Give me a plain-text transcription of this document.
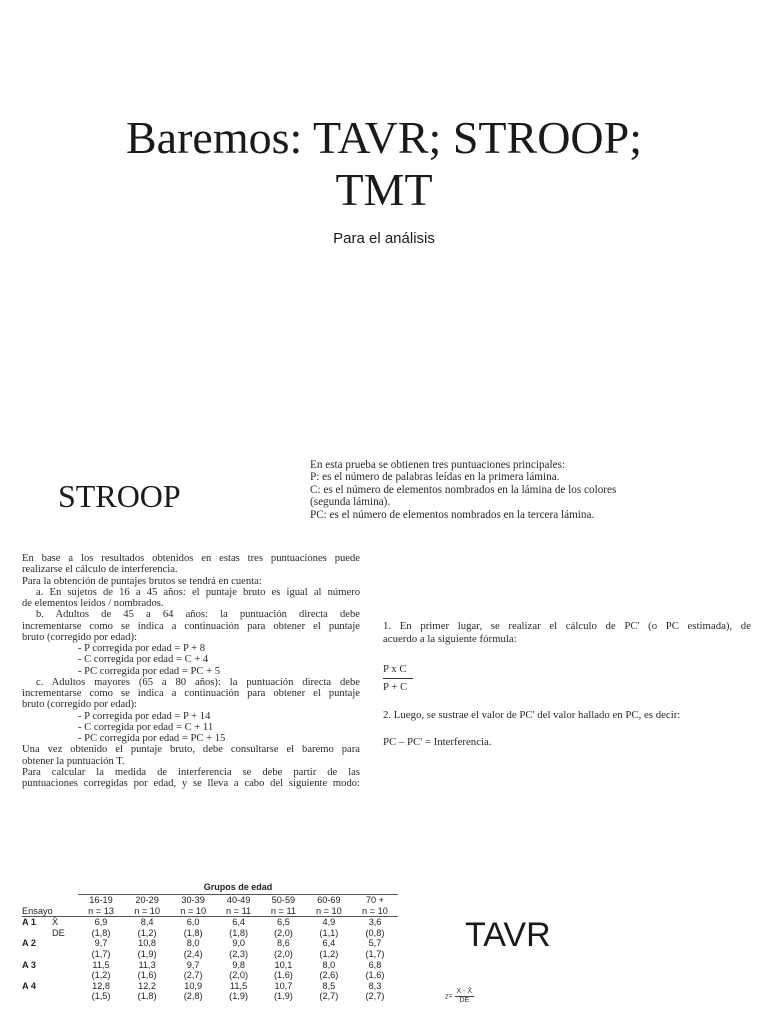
Baremos: TAVR; STROOP;
TMT
Para el análisis
STROOP
En esta prueba se obtienen tres puntuaciones principales:
P: es el número de palabras leídas en la primera lámina.
C: es el número de elementos nombrados en la lámina de los colores
(segunda lámina).
PC: es el número de elementos nombrados en la tercera lámina.
En base a los resultados obtenidos en estas tres puntuaciones puede
realizarse el cálculo de interferencia.
Para la obtención de puntajes brutos se tendrá en cuenta:
a. En sujetos de 16 a 45 años: el puntaje bruto es igual al número
de elementos leídos / nombrados.
b. Adultos de 45 a 64 años: la puntuación directa debe
incrementarse como se indica a continuación para obtener el puntaje
bruto (corregido por edad):
- P corregida por edad = P + 8
- C corregida por edad = C + 4
- PC corregida por edad = PC + 5
c. Adultos mayores (65 a 80 años): la puntuación directa debe
incrementarse como se indica a continuación para obtener el puntaje
bruto (corregido por edad):
- P corregida por edad = P + 14
- C corregida por edad = C + 11
- PC corregida por edad = PC + 15
Una vez obtenido el puntaje bruto, debe consultarse el baremo para
obtener la puntuación T.
Para calcular la medida de interferencia se debe partir de las
puntuaciones corregidas por edad, y se lleva a cabo del siguiente modo:
1. En primer lugar, se realizar el cálculo de PC' (o PC estimada), de
acuerdo a la siguiente fórmula:
$\frac{\text{P x C}}{P + C}$
2. Luego, se sustrae el valor de PC' del valor hallado en PC, es decir:
PC – PC' = Interferencia.
TAVR
		Grupos de edad						
		16-19	20-29	30-39	40-49	50-59	60-69	70 +
Ensayo		n = 13	n = 10	n = 10	n = 11	n = 11	n = 10	n = 10
A 1	X̄	6,9	8,4	6,0	6,4	6,5	4,9	3,6
	DE	(1,8)	(1,2)	(1,8)	(1,8)	(2,0)	(1,1)	(0,8)
A 2		9,7	10,8	8,0	9,0	8,6	6,4	5,7
		(1,7)	(1,9)	(2,4)	(2,3)	(2,0)	(1,2)	(1,7)
A 3		11,5	11,3	9,7	9,8	10,1	8,0	6,8
		(1,2)	(1,6)	(2,7)	(2,0)	(1,6)	(2,6)	(1,6)
A 4		12,8	12,2	10,9	11,5	10,7	8,5	8,3
		(1,5)	(1,8)	(2,8)	(1,9)	(1,9)	(2,7)	(2,7)	$z= \frac{X - X̄}{DE}$
